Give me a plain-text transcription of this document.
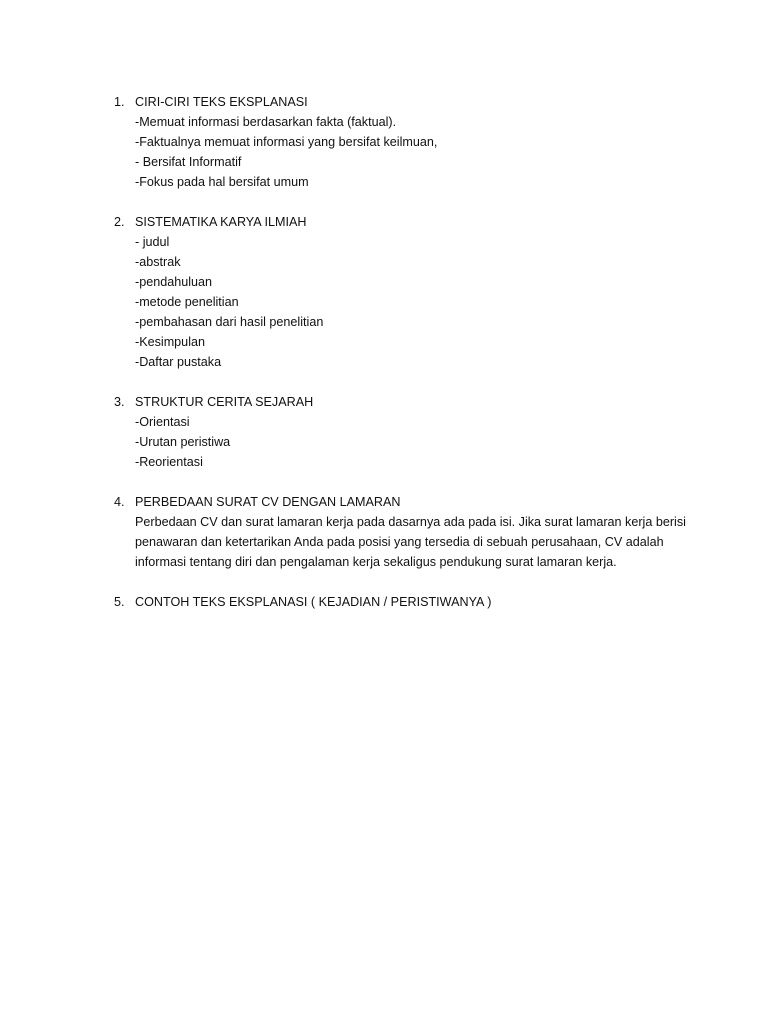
1. CIRI-CIRI TEKS EKSPLANASI
-Memuat informasi berdasarkan fakta (faktual).
-Faktualnya memuat informasi yang bersifat keilmuan,
- Bersifat Informatif
-Fokus pada hal bersifat umum
2. SISTEMATIKA KARYA ILMIAH
- judul
-abstrak
-pendahuluan
-metode penelitian
-pembahasan dari hasil penelitian
-Kesimpulan
-Daftar pustaka
3. STRUKTUR CERITA SEJARAH
-Orientasi
-Urutan peristiwa
-Reorientasi
4. PERBEDAAN SURAT CV DENGAN LAMARAN
Perbedaan CV dan surat lamaran kerja pada dasarnya ada pada isi. Jika surat lamaran kerja berisi penawaran dan ketertarikan Anda pada posisi yang tersedia di sebuah perusahaan, CV adalah informasi tentang diri dan pengalaman kerja sekaligus pendukung surat lamaran kerja.
5. CONTOH TEKS EKSPLANASI ( KEJADIAN / PERISTIWANYA )
